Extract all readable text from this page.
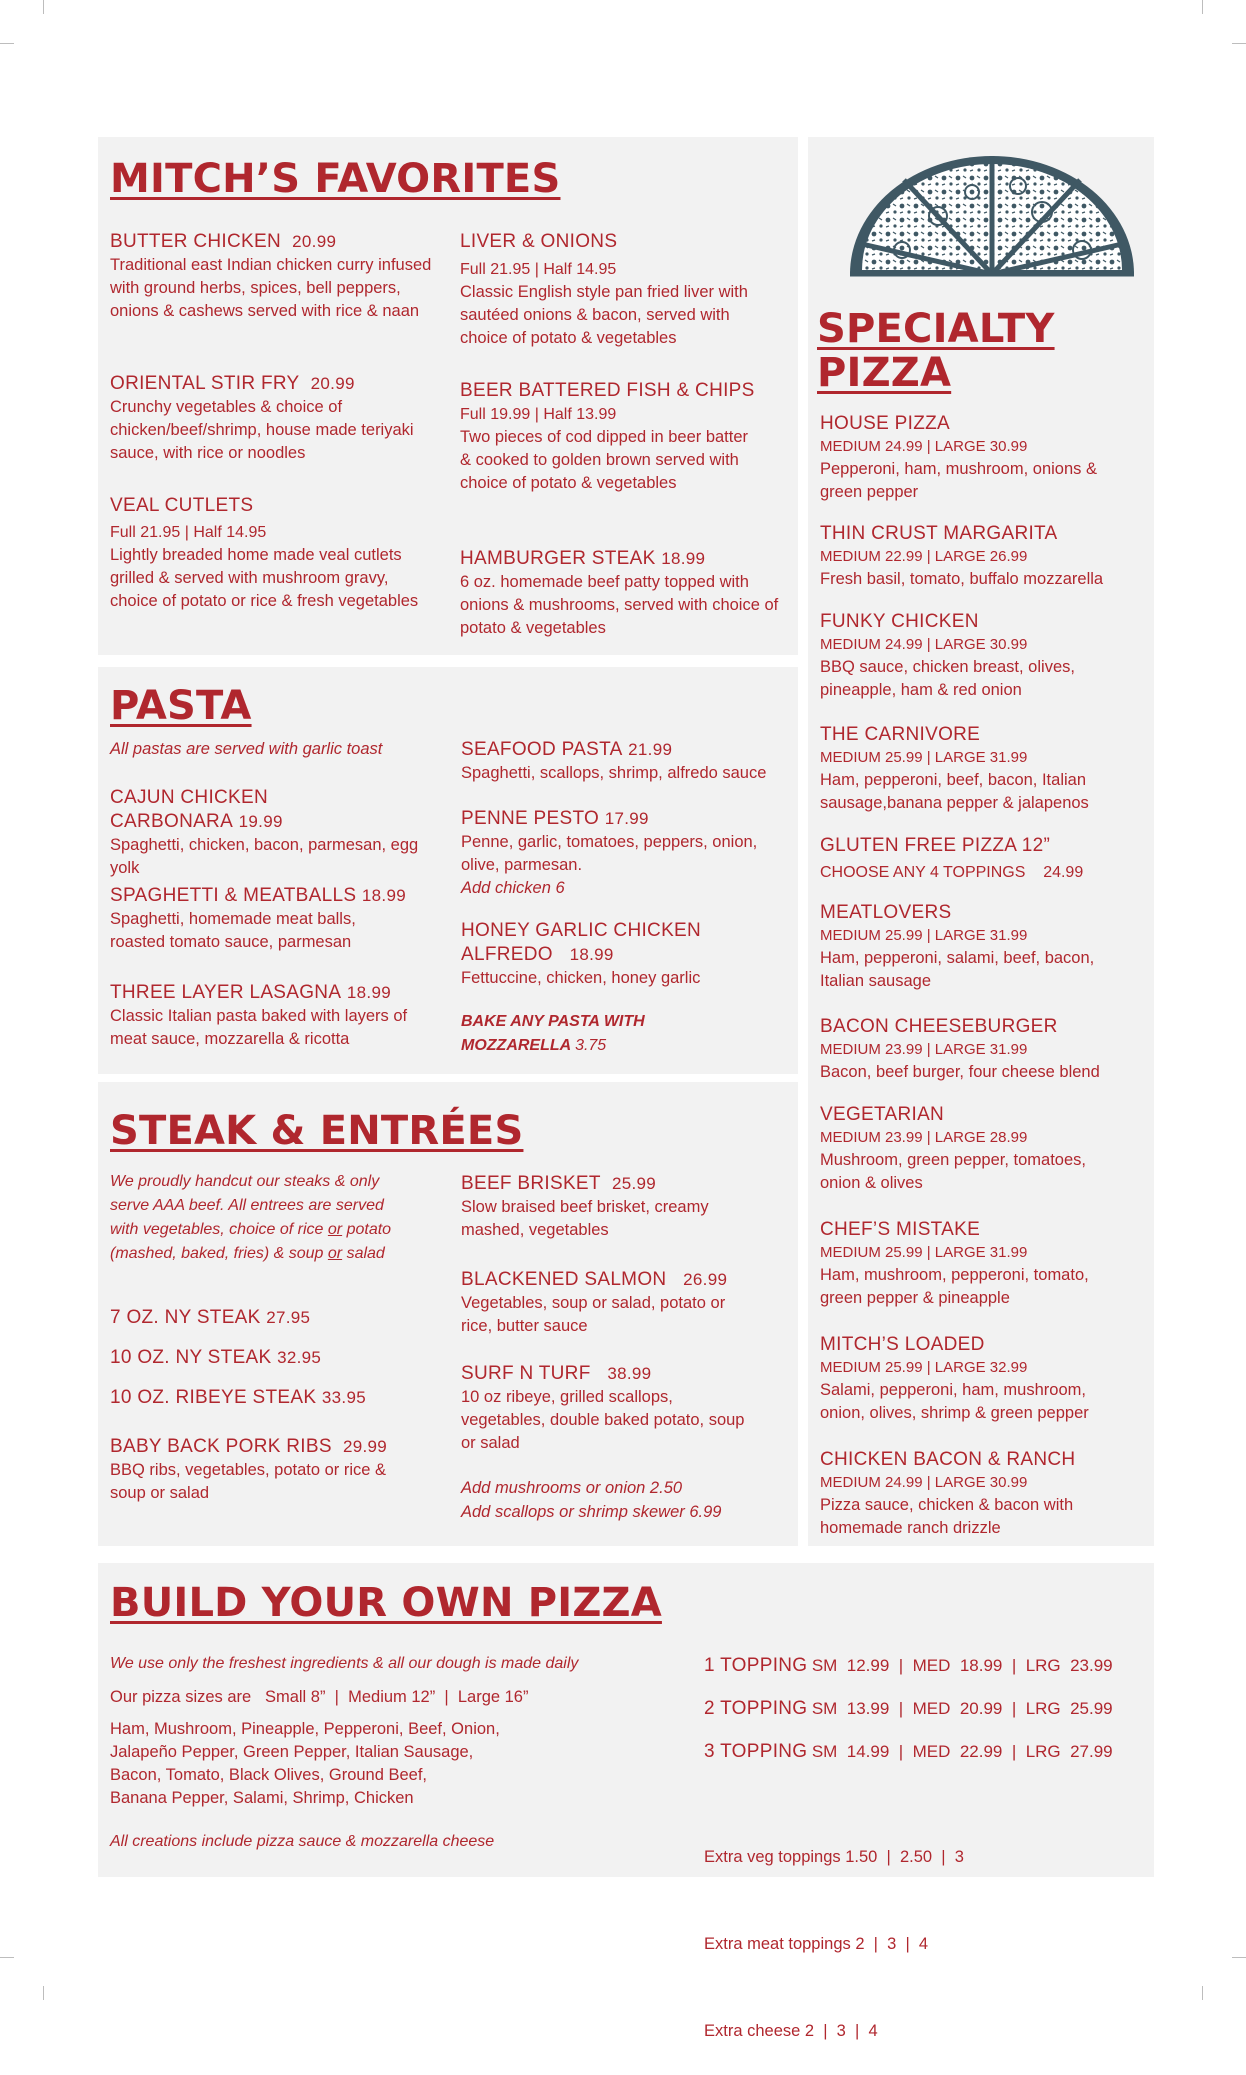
MITCH’S FAVORITES
BUTTER CHICKEN 20.99
Traditional east Indian chicken curry infused with ground herbs, spices, bell peppers, onions & cashews served with rice & naan
ORIENTAL STIR FRY 20.99
Crunchy vegetables & choice of chicken/beef/shrimp, house made teriyaki sauce, with rice or noodles
VEAL CUTLETS
Full 21.95 | Half 14.95
Lightly breaded home made veal cutlets grilled & served with mushroom gravy, choice of potato or rice & fresh vegetables
LIVER & ONIONS
Full 21.95 | Half 14.95
Classic English style pan fried liver with sautéed onions & bacon, served with choice of potato & vegetables
BEER BATTERED FISH & CHIPS
Full 19.99 | Half 13.99
Two pieces of cod dipped in beer batter & cooked to golden brown served with choice of potato & vegetables
HAMBURGER STEAK 18.99
6 oz. homemade beef patty topped with onions & mushrooms, served with choice of potato & vegetables
PASTA
All pastas are served with garlic toast
CAJUN CHICKEN CARBONARA 19.99
Spaghetti, chicken, bacon, parmesan, egg yolk
SPAGHETTI & MEATBALLS 18.99
Spaghetti, homemade meat balls, roasted tomato sauce, parmesan
THREE LAYER LASAGNA 18.99
Classic Italian pasta baked with layers of meat sauce, mozzarella & ricotta
SEAFOOD PASTA 21.99
Spaghetti, scallops, shrimp, alfredo sauce
PENNE PESTO 17.99
Penne, garlic, tomatoes, peppers, onion, olive, parmesan.
Add chicken 6
HONEY GARLIC CHICKEN
ALFREDO 18.99
Fettuccine, chicken, honey garlic
BAKE ANY PASTA WITH
MOZZARELLA 3.75
STEAK & ENTRÉES
We proudly handcut our steaks & only
serve AAA beef. All entrees are served
with vegetables, choice of rice or potato
(mashed, baked, fries) & soup or salad
7 OZ. NY STEAK 27.95
10 OZ. NY STEAK 32.95
10 OZ. RIBEYE STEAK 33.95
BABY BACK PORK RIBS 29.99
BBQ ribs, vegetables, potato or rice & soup or salad
BEEF BRISKET 25.99
Slow braised beef brisket, creamy mashed, vegetables
BLACKENED SALMON 26.99
Vegetables, soup or salad, potato or rice, butter sauce
SURF N TURF 38.99
10 oz ribeye, grilled scallops, vegetables, double baked potato, soup or salad
Add mushrooms or onion 2.50
Add scallops or shrimp skewer 6.99
SPECIALTY
PIZZA
HOUSE PIZZA
MEDIUM 24.99 | LARGE 30.99
Pepperoni, ham, mushroom, onions & green pepper
THIN CRUST MARGARITA
MEDIUM 22.99 | LARGE 26.99
Fresh basil, tomato, buffalo mozzarella
FUNKY CHICKEN
MEDIUM 24.99 | LARGE 30.99
BBQ sauce, chicken breast, olives, pineapple, ham & red onion
THE CARNIVORE
MEDIUM 25.99 | LARGE 31.99
Ham, pepperoni, beef, bacon, Italian sausage,banana pepper & jalapenos
GLUTEN FREE PIZZA 12”
CHOOSE ANY 4 TOPPINGS    24.99
MEATLOVERS
MEDIUM 25.99 | LARGE 31.99
Ham, pepperoni, salami, beef, bacon, Italian sausage
BACON CHEESEBURGER
MEDIUM 23.99 | LARGE 31.99
Bacon, beef burger, four cheese blend
VEGETARIAN
MEDIUM 23.99 | LARGE 28.99
Mushroom, green pepper, tomatoes, onion & olives
CHEF’S MISTAKE
MEDIUM 25.99 | LARGE 31.99
Ham, mushroom, pepperoni, tomato, green pepper & pineapple
MITCH’S LOADED
MEDIUM 25.99 | LARGE 32.99
Salami, pepperoni, ham, mushroom, onion, olives, shrimp & green pepper
CHICKEN BACON & RANCH
MEDIUM 24.99 | LARGE 30.99
Pizza sauce, chicken & bacon with homemade ranch drizzle
BUILD YOUR OWN PIZZA
We use only the freshest ingredients & all our dough is made daily
Our pizza sizes are   Small 8”  |  Medium 12”  |  Large 16”
Ham, Mushroom, Pineapple, Pepperoni, Beef, Onion,
Jalapeño Pepper, Green Pepper, Italian Sausage,
Bacon, Tomato, Black Olives, Ground Beef,
Banana Pepper, Salami, Shrimp, Chicken
All creations include pizza sauce & mozzarella cheese
1 TOPPING SM  12.99  |  MED  18.99  |  LRG  23.99
2 TOPPING SM  13.99  |  MED  20.99  |  LRG  25.99
3 TOPPING SM  14.99  |  MED  22.99  |  LRG  27.99

Extra veg toppings 1.50  |  2.50  |  3

Extra meat toppings 2  |  3  |  4

Extra cheese 2  |  3  |  4
